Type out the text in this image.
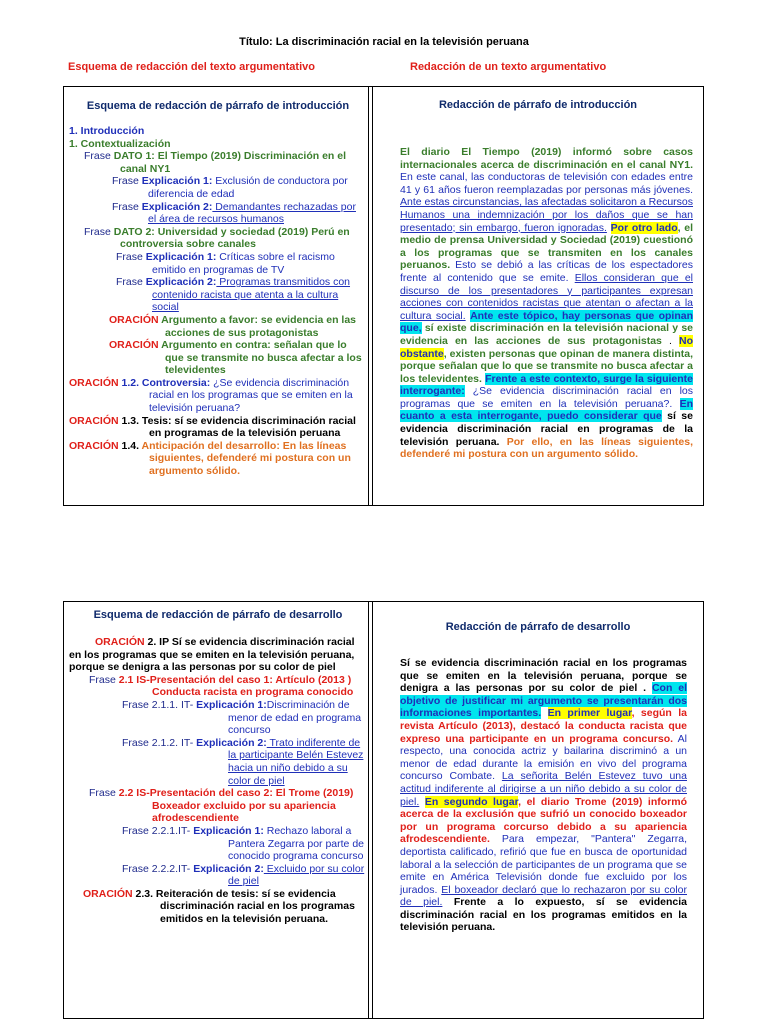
Título: La discriminación racial en la televisión peruana
Esquema de redacción del texto argumentativo	Redacción de un texto argumentativo
Esquema de redacción de párrafo de introducción	Redacción de párrafo de introducción

1. Introducción

1. Contextualización

Frase DATO 1: El Tiempo (2019) Discriminación en el canal NY1

Frase Explicación 1: Exclusión de conductora por diferencia de edad

Frase Explicación 2: Demandantes rechazadas por el área de recursos humanos

Frase DATO 2: Universidad y sociedad (2019) Perú en controversia sobre canales

Frase Explicación 1: Críticas sobre el racismo emitido en programas de TV

Frase Explicación 2: Programas transmitidos con contenido racista que atenta a la cultura social

ORACIÓN Argumento a favor: se evidencia en las acciones de sus protagonistas

ORACIÓN Argumento en contra: señalan que lo que se transmite no busca afectar a los televidentes

ORACIÓN 1.2. Controversia: ¿Se evidencia discriminación racial en los programas que se emiten en la televisión peruana?

ORACIÓN 1.3. Tesis: sí se evidencia discriminación racial en programas de la televisión peruana

ORACIÓN 1.4. Anticipación del desarrollo: En las líneas siguientes, defenderé mi postura con un argumento sólido.

El diario El Tiempo (2019) informó sobre casos internacionales acerca de discriminación en el canal NY1. En este canal, las conductoras de televisión con edades entre 41 y 61 años fueron reemplazadas por personas más jóvenes. Ante estas circunstancias, las afectadas solicitaron a Recursos Humanos una indemnización por los daños que se han presentado; sin embargo, fueron ignoradas. Por otro lado, el medio de prensa Universidad y Sociedad (2019) cuestionó a los programas que se transmiten en los canales peruanos. Esto se debió a las críticas de los espectadores frente al contenido que se emite. Ellos consideran que el discurso de los presentadores y participantes expresan acciones con contenidos racistas que atentan o afectan a la cultura social. Ante este tópico, hay personas que opinan que, sí existe discriminación en la televisión nacional y se evidencia en las acciones de sus protagonistas . No obstante, existen personas que opinan de manera distinta, porque señalan que lo que se transmite no busca afectar a los televidentes. Frente a este contexto, surge la siguiente interrogante: ¿Se evidencia discriminación racial en los programas que se emiten en la televisión peruana?. En cuanto a esta interrogante, puedo considerar que sí se evidencia discriminación racial en programas de la televisión peruana. Por ello, en las líneas siguientes, defenderé mi postura con un argumento sólido.
Esquema de redacción de párrafo de desarrollo
Redacción de párrafo de desarrollo

ORACIÓN 2. IP Sí se evidencia discriminación racial en los programas que se emiten en la televisión peruana, porque se denigra a las personas por su color de piel

Frase 2.1 IS-Presentación del caso 1: Artículo (2013 ) Conducta racista en programa conocido

Frase 2.1.1. IT- Explicación 1:Discriminación de menor de edad en programa concurso

Frase 2.1.2. IT- Explicación 2: Trato indiferente de la participante Belén Estevez hacia un niño debido a su color de piel

Frase 2.2 IS-Presentación del caso 2: El Trome (2019) Boxeador excluido por su apariencia afrodescendiente

Frase 2.2.1.IT- Explicación 1: Rechazo laboral a Pantera Zegarra por parte de conocido programa concurso

Frase 2.2.2.IT- Explicación 2: Excluido por su color de piel

ORACIÓN 2.3. Reiteración de tesis: sí se evidencia discriminación racial en los programas emitidos en la televisión peruana.

Sí se evidencia discriminación racial en los programas que se emiten en la televisión peruana, porque se denigra a las personas por su color de piel . Con el objetivo de justificar mi argumento se presentarán dos informaciones importantes. En primer lugar, según la revista Artículo (2013), destacó la conducta racista que expreso una participante en un programa concurso. Al respecto, una conocida actriz y bailarina discriminó a un menor de edad durante la emisión en vivo del programa concurso Combate. La señorita Belén Estevez tuvo una actitud indiferente al dirigirse a un niño debido a su color de piel. En segundo lugar, el diario Trome (2019) informó acerca de la exclusión que sufrió un conocido boxeador por un programa corcurso debido a su apariencia afrodescendiente. Para empezar, "Pantera" Zegarra, deportista calificado, refirió que fue en busca de oportunidad laboral a la selección de participantes de un programa que se emite en América Televisión donde fue excluido por los jurados. El boxeador declaró que lo rechazaron por su color de piel. Frente a lo expuesto, sí se evidencia discriminación racial en los programas emitidos en la televisión peruana.
